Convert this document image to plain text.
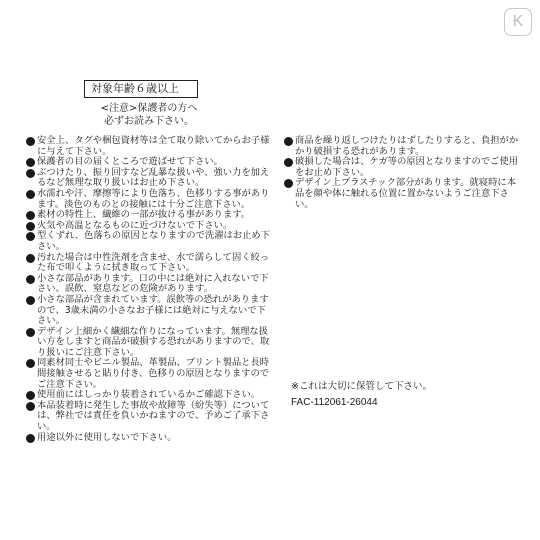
K
対象年齢６歳以上
<注意>保護者の方へ
必ずお読み下さい。
安全上、タグや梱包資材等は全て取り除いてからお子様に与えて下さい。
保護者の目の届くところで遊ばせて下さい。
ぶつけたり、振り回すなど乱暴な扱いや、強い力を加えるなど無理な取り扱いはお止め下さい。
水濡れや汗、摩擦等により色落ち、色移りする事があります。淡色のものとの接触には十分ご注意下さい。
素材の特性上、繊維の一部が抜ける事があります。
火気や高温となるものに近づけないで下さい。
型くずれ、色落ちの原因となりますので洗濯はお止め下さい。
汚れた場合は中性洗剤を含ませ、水で濡らして固く絞った布で叩くように拭き取って下さい。
小さな部品があります。口の中には絶対に入れないで下さい。誤飲、窒息などの危険があります。
小さな部品が含まれています。誤飲等の恐れがありますので、3歳未満の小さなお子様には絶対に与えないで下さい。
デザイン上細かく繊細な作りになっています。無理な扱い方をしますと商品が破損する恐れがありますので、取り扱いにご注意下さい。
同素材同士やビニル製品、革製品、プリント製品と長時間接触させると貼り付き、色移りの原因となりますのでご注意下さい。
使用前にはしっかり装着されているかご確認下さい。
本品装着時に発生した事故や故障等（紛失等）については、弊社では責任を負いかねますので、予めご了承下さい。
用途以外に使用しないで下さい。
商品を繰り返しつけたりはずしたりすると、負担がかかり破損する恐れがあります。
破損した場合は、ケガ等の原因となりますのでご使用をお止め下さい。
デザイン上プラスチック部分があります。就寝時に本品を顔や体に触れる位置に置かないようご注意下さい。
※これは大切に保管して下さい。
FAC-112061-26044
